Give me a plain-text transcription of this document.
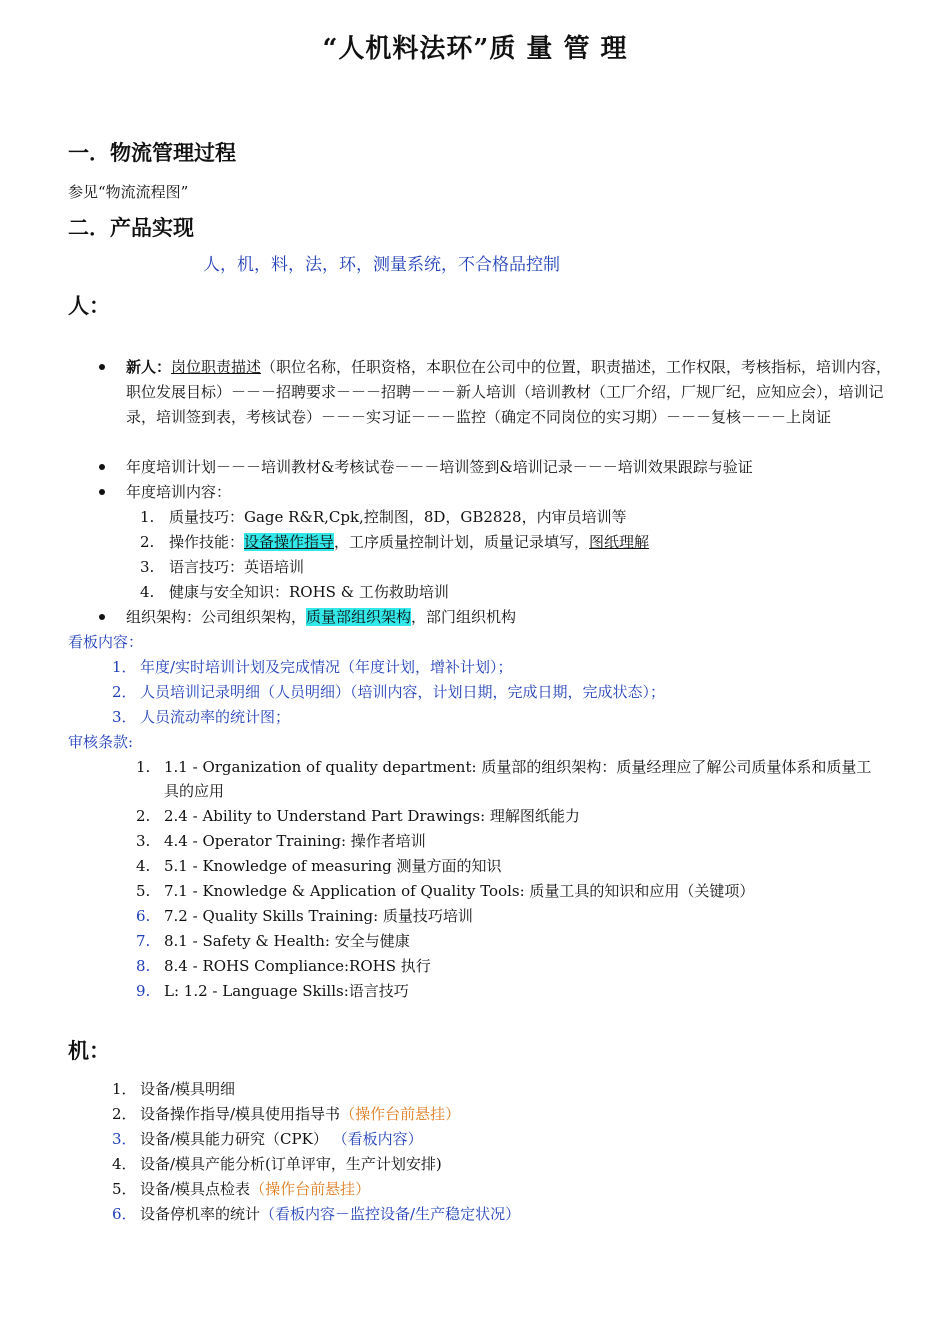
“人机料法环”质 量 管 理
一．物流管理过程
参见“物流流程图”
二．产品实现
人，机，料，法，环，测量系统，不合格品控制
人：
新人：岗位职责描述（职位名称，任职资格，本职位在公司中的位置，职责描述，工作权限，考核指标，培训内容，职位发展目标）－－－招聘要求－－－招聘－－－新人培训（培训教材（工厂介绍，厂规厂纪，应知应会），培训记录，培训签到表，考核试卷）－－－实习证－－－监控（确定不同岗位的实习期）－－－复核－－－上岗证
年度培训计划－－－培训教材&考核试卷－－－培训签到&培训记录－－－培训效果跟踪与验证
年度培训内容：
1. 质量技巧：Gage R&R,Cpk,控制图，8D，GB2828，内审员培训等
2. 操作技能：设备操作指导，工序质量控制计划，质量记录填写，图纸理解
3. 语言技巧：英语培训
4. 健康与安全知识：ROHS & 工伤救助培训
组织架构：公司组织架构，质量部组织架构，部门组织机构
看板内容：
1． 年度/实时培训计划及完成情况（年度计划，增补计划）；
2． 人员培训记录明细（人员明细）（培训内容，计划日期，完成日期，完成状态）；
3． 人员流动率的统计图；
审核条款:
1. 1.1 - Organization of quality department: 质量部的组织架构：质量经理应了解公司质量体系和质量工
具的应用
2. 2.4 - Ability to Understand Part Drawings: 理解图纸能力
3. 4.4 - Operator Training: 操作者培训
4. 5.1 - Knowledge of measuring 测量方面的知识
5. 7.1 - Knowledge & Application of Quality Tools: 质量工具的知识和应用（关键项）
6. 7.2 - Quality Skills Training: 质量技巧培训
7. 8.1 - Safety & Health: 安全与健康
8. 8.4 - ROHS Compliance:ROHS 执行
9. L: 1.2 - Language Skills:语言技巧
机：
1． 设备/模具明细
2． 设备操作指导/模具使用指导书（操作台前悬挂）
3． 设备/模具能力研究（CPK） （看板内容）
4． 设备/模具产能分析(订单评审，生产计划安排)
5． 设备/模具点检表（操作台前悬挂）
6． 设备停机率的统计（看板内容－监控设备/生产稳定状况）
